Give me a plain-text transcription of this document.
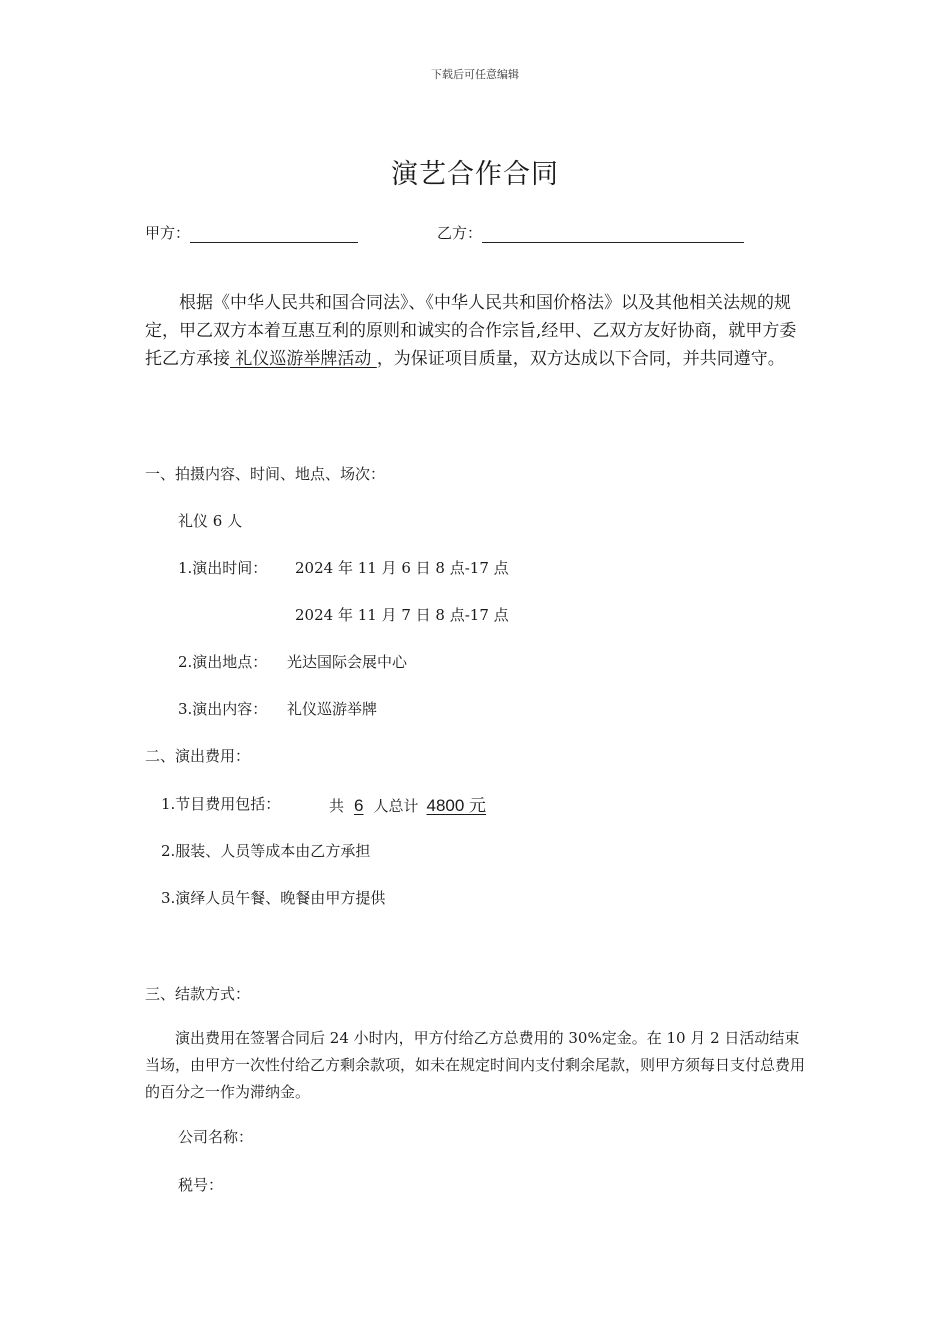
下载后可任意编辑
演艺合作合同
甲方：	乙方：
根据《中华人民共和国合同法》、《中华人民共和国价格法》以及其他相关法规的规定，甲乙双方本着互惠互利的原则和诚实的合作宗旨,经甲、乙双方友好协商，就甲方委托乙方承接 礼仪巡游举牌活动 ，为保证项目质量，双方达成以下合同，并共同遵守。
一、拍摄内容、时间、地点、场次：
礼仪 6 人
1.演出时间： 2024 年 11 月 6 日 8 点-17 点
2024 年 11 月 7 日 8 点-17 点
2.演出地点： 光达国际会展中心
3.演出内容： 礼仪巡游举牌
二、演出费用：
1.节目费用包括：	共 6 人总计 4800 元
2.服装、人员等成本由乙方承担
3.演绎人员午餐、晚餐由甲方提供
三、结款方式：
演出费用在签署合同后 24 小时内，甲方付给乙方总费用的 30%定金。在 10 月 2 日活动结束当场，由甲方一次性付给乙方剩余款项，如未在规定时间内支付剩余尾款，则甲方须每日支付总费用的百分之一作为滞纳金。
公司名称：
税号：
